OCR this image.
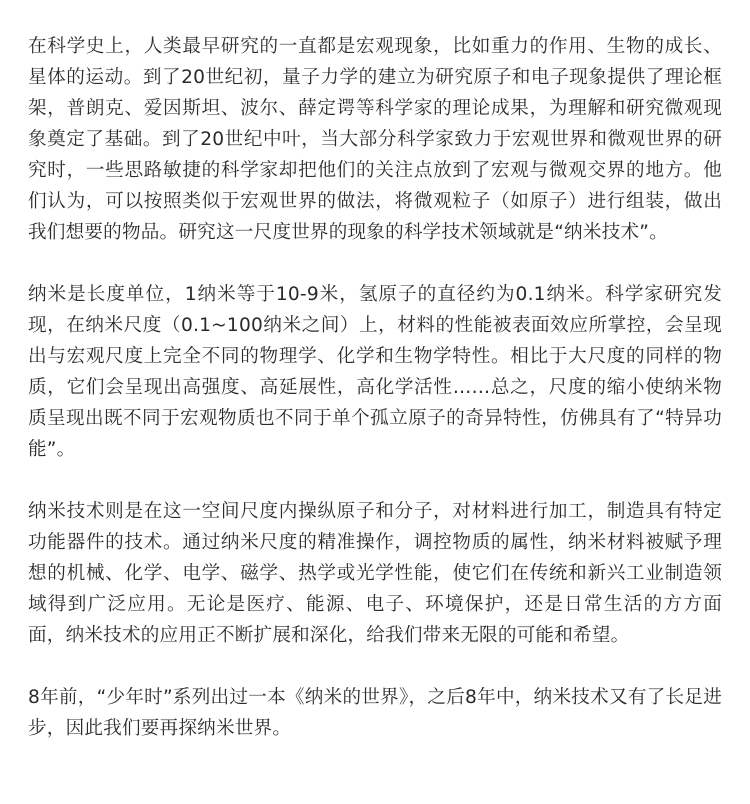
在科学史上，人类最早研究的一直都是宏观现象，比如重力的作用、生物的成长、星体的运动。到了20世纪初，量子力学的建立为研究原子和电子现象提供了理论框架，普朗克、爱因斯坦、波尔、薛定谔等科学家的理论成果，为理解和研究微观现象奠定了基础。到了20世纪中叶，当大部分科学家致力于宏观世界和微观世界的研究时，一些思路敏捷的科学家却把他们的关注点放到了宏观与微观交界的地方。他们认为，可以按照类似于宏观世界的做法，将微观粒子（如原子）进行组装，做出我们想要的物品。研究这一尺度世界的现象的科学技术领域就是“纳米技术”。

纳米是长度单位，1纳米等于10-9米，氢原子的直径约为0.1纳米。科学家研究发现，在纳米尺度（0.1~100纳米之间）上，材料的性能被表面效应所掌控，会呈现出与宏观尺度上完全不同的物理学、化学和生物学特性。相比于大尺度的同样的物质，它们会呈现出高强度、高延展性，高化学活性……总之，尺度的缩小使纳米物质呈现出既不同于宏观物质也不同于单个孤立原子的奇异特性，仿佛具有了“特异功能”。

纳米技术则是在这一空间尺度内操纵原子和分子，对材料进行加工，制造具有特定功能器件的技术。通过纳米尺度的精准操作，调控物质的属性，纳米材料被赋予理想的机械、化学、电学、磁学、热学或光学性能，使它们在传统和新兴工业制造领域得到广泛应用。无论是医疗、能源、电子、环境保护，还是日常生活的方方面面，纳米技术的应用正不断扩展和深化，给我们带来无限的可能和希望。

8年前，“少年时”系列出过一本《纳米的世界》，之后8年中，纳米技术又有了长足进步，因此我们要再探纳米世界。
